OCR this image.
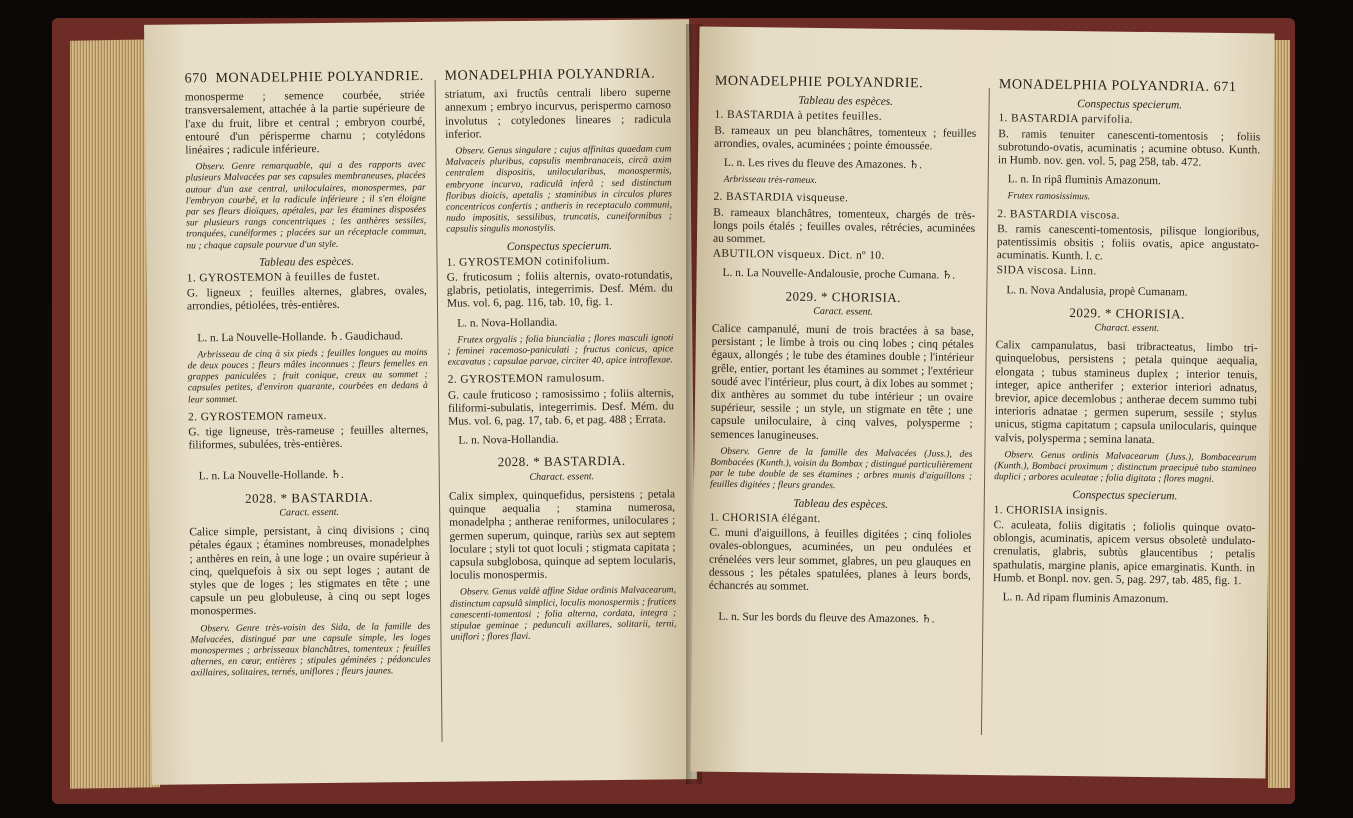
670 MONADELPHIE POLYANDRIE.

monosperme ; semence courbée, striée transversalement, attachée à la partie supérieure de l'axe du fruit, libre et central ; embryon courbé, entouré d'un périsperme charnu ; cotylédons linéaires ; radicule inférieure.

Observ. Genre remarquable, qui a des rapports avec plusieurs Malvacées par ses capsules membraneuses, placées autour d'un axe central, uniloculaires, monospermes, par l'embryon courbé, et la radicule inférieure ; il s'en éloigne par ses fleurs dioïques, apétales, par les étamines disposées sur plusieurs rangs concentriques ; les anthères sessiles, tronquées, cunéiformes ; placées sur un réceptacle commun, nu ; chaque capsule pourvue d'un style.

Tableau des espèces.

1. GYROSTEMON à feuilles de fustet.

G. ligneux ; feuilles alternes, glabres, ovales, arrondies, pétiolées, très-entières.

L. n. La Nouvelle-Hollande. ♄. Gaudichaud.

Arbrisseau de cinq à six pieds ; feuilles longues au moins de deux pouces ; fleurs mâles inconnues ; fleurs femelles en grappes paniculées ; fruit conique, creux au sommet ; capsules petites, d'environ quarante, courbées en dedans à leur sommet.

2. GYROSTEMON rameux.

G. tige ligneuse, très-rameuse ; feuilles alternes, filiformes, subulées, très-entières.

L. n. La Nouvelle-Hollande. ♄.

2028. * BASTARDIA.
Caract. essent.

Calice simple, persistant, à cinq divisions ; cinq pétales égaux ; étamines nombreuses, monadelphes ; anthères en rein, à une loge ; un ovaire supérieur à cinq, quelquefois à six ou sept loges ; autant de styles que de loges ; les stigmates en tête ; une capsule un peu globuleuse, à cinq ou sept loges monospermes.

Observ. Genre très-voisin des Sida, de la famille des Malvacées, distingué par une capsule simple, les loges monospermes ; arbrisseaux blanchâtres, tomenteux ; feuilles alternes, en cœur, entières ; stipules géminées ; pédoncules axillaires, solitaires, ternés, uniflores ; fleurs jaunes.

MONADELPHIA POLYANDRIA.

striatum, axi fructûs centrali libero superne annexum ; embryo incurvus, perispermo carnoso involutus ; cotyledones lineares ; radicula inferior.

Observ. Genus singulare ; cujus affinitas quaedam cum Malvaceis pluribus, capsulis membranaceis, circà axim centralem dispositis, unilocularibus, monospermis, embryone incurvo, radiculâ inferâ ; sed distinctum floribus dioicis, apetalis ; staminibus in circulos plures concentricos confertis ; antheris in receptaculo communi, nudo impositis, sessilibus, truncatis, cuneiformibus ; capsulis singulis monostylis.

Conspectus specierum.

1. GYROSTEMON cotinifolium.

G. fruticosum ; foliis alternis, ovato-rotundatis, glabris, petiolatis, integerrimis. Desf. Mém. du Mus. vol. 6, pag. 116, tab. 10, fig. 1.

L. n. Nova-Hollandia.

Frutex orgyalis ; folia biuncialia ; flores masculi ignoti ; feminei racemoso-paniculati ; fructus conicus, apice excavatus ; capsulae parvae, circiter 40, apice introflexae.

2. GYROSTEMON ramulosum.

G. caule fruticoso ; ramosissimo ; foliis alternis, filiformi-subulatis, integerrimis. Desf. Mém. du Mus. vol. 6, pag. 17, tab. 6, et pag. 488 ; Errata.

L. n. Nova-Hollandia.

2028. * BASTARDIA.
Charact. essent.

Calix simplex, quinquefidus, persistens ; petala quinque aequalia ; stamina numerosa, monadelpha ; antherae reniformes, uniloculares ; germen superum, quinque, rariùs sex aut septem loculare ; styli tot quot loculi ; stigmata capitata ; capsula subglobosa, quinque ad septem locularis, loculis monospermis.

Observ. Genus valdè affine Sidae ordinis Malvacearum, distinctum capsulâ simplici, loculis monospermis ; frutices canescenti-tomentosi ; folia alterna, cordata, integra ; stipulae geminae ; pedunculi axillares, solitarii, terni, uniflori ; flores flavi.

MONADELPHIE POLYANDRIE.
Tableau des espèces.

1. BASTARDIA à petites feuilles.

B. rameaux un peu blanchâtres, tomenteux ; feuilles arrondies, ovales, acuminées ; pointe émoussée.

L. n. Les rives du fleuve des Amazones. ♄.

Arbrisseau très-rameux.

2. BASTARDIA visqueuse.

B. rameaux blanchâtres, tomenteux, chargés de très-longs poils étalés ; feuilles ovales, rétrécies, acuminées au sommet.

ABUTILON visqueux. Dict. nº 10.

L. n. La Nouvelle-Andalousie, proche Cumana. ♄.

2029. * CHORISIA.
Caract. essent.

Calice campanulé, muni de trois bractées à sa base, persistant ; le limbe à trois ou cinq lobes ; cinq pétales égaux, allongés ; le tube des étamines double ; l'intérieur grêle, entier, portant les étamines au sommet ; l'extérieur soudé avec l'intérieur, plus court, à dix lobes au sommet ; dix anthères au sommet du tube intérieur ; un ovaire supérieur, sessile ; un style, un stigmate en tête ; une capsule uniloculaire, à cinq valves, polysperme ; semences lanugineuses.

Observ. Genre de la famille des Malvacées (Juss.), des Bombacées (Kunth.), voisin du Bombax ; distingué particulièrement par le tube double de ses étamines ; arbres munis d'aiguillons ; feuilles digitées ; fleurs grandes.

Tableau des espèces.

1. CHORISIA élégant.

C. muni d'aiguillons, à feuilles digitées ; cinq folioles ovales-oblongues, acuminées, un peu ondulées et crénelées vers leur sommet, glabres, un peu glauques en dessous ; les pétales spatulées, planes à leurs bords, échancrés au sommet.

L. n. Sur les bords du fleuve des Amazones. ♄.

MONADELPHIA POLYANDRIA. 671
Conspectus specierum.

1. BASTARDIA parvifolia.

B. ramis tenuiter canescenti-tomentosis ; foliis subrotundo-ovatis, acuminatis ; acumine obtuso. Kunth. in Humb. nov. gen. vol. 5, pag 258, tab. 472.

L. n. In ripâ fluminis Amazonum.

Frutex ramosissimus.

2. BASTARDIA viscosa.

B. ramis canescenti-tomentosis, pilisque longioribus, patentissimis obsitis ; foliis ovatis, apice angustato-acuminatis. Kunth. l. c.

SIDA viscosa. Linn.

L. n. Nova Andalusia, propè Cumanam.

2029. * CHORISIA.
Charact. essent.

Calix campanulatus, basi tribracteatus, limbo tri-quinquelobus, persistens ; petala quinque aequalia, elongata ; tubus stamineus duplex ; interior tenuis, integer, apice antherifer ; exterior interiori adnatus, brevior, apice decemlobus ; antherae decem summo tubi interioris adnatae ; germen superum, sessile ; stylus unicus, stigma capitatum ; capsula unilocularis, quinque valvis, polysperma ; semina lanata.

Observ. Genus ordinis Malvacearum (Juss.), Bombacearum (Kunth.), Bombaci proximum ; distinctum praecipuè tubo stamineo duplici ; arbores aculeatae ; folia digitata ; flores magni.

Conspectus specierum.

1. CHORISIA insignis.

C. aculeata, foliis digitatis ; foliolis quinque ovato-oblongis, acuminatis, apicem versus obsoletè undulato-crenulatis, glabris, subtùs glaucentibus ; petalis spathulatis, margine planis, apice emarginatis. Kunth. in Humb. et Bonpl. nov. gen. 5, pag. 297, tab. 485, fig. 1.

L. n. Ad ripam fluminis Amazonum.
